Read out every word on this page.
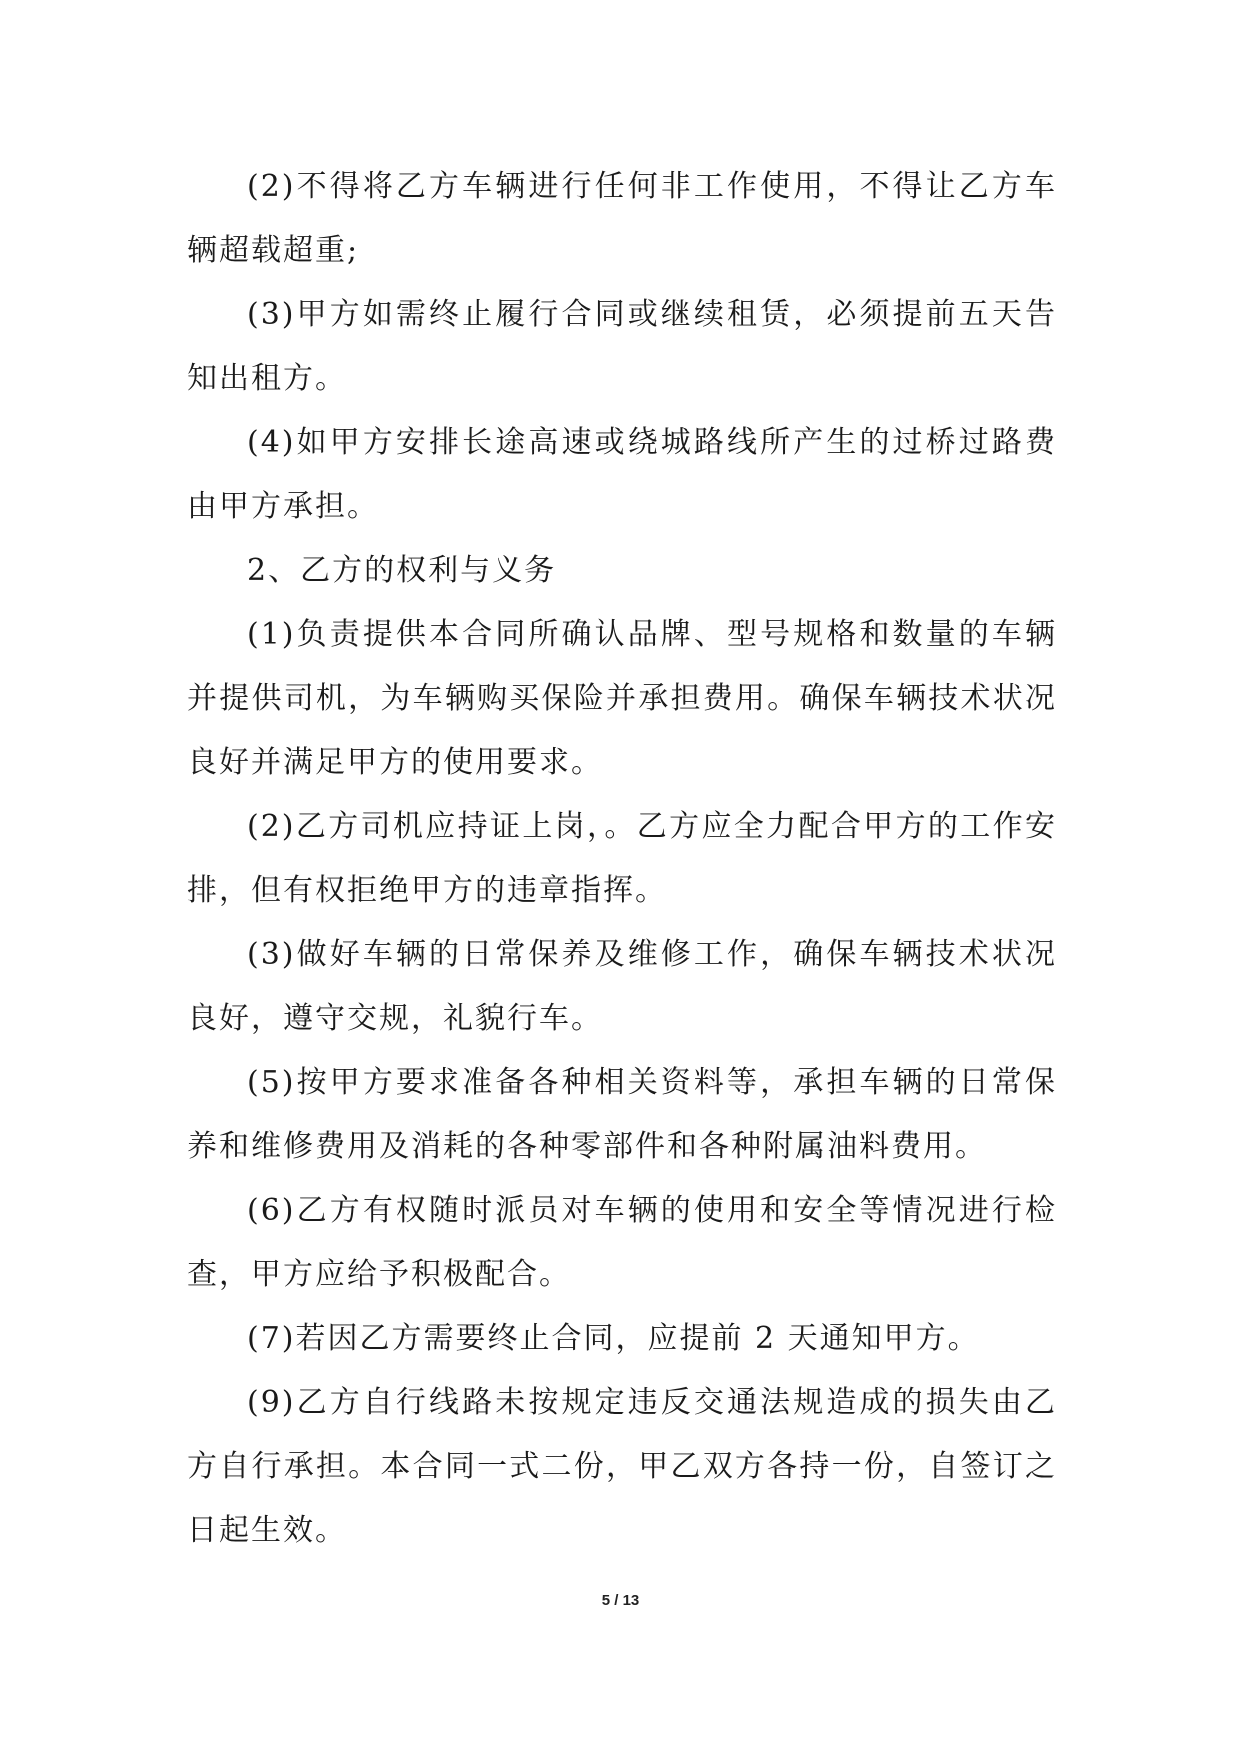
(2)不得将乙方车辆进行任何非工作使用，不得让乙方车辆超载超重;

(3)甲方如需终止履行合同或继续租赁，必须提前五天告知出租方。

(4)如甲方安排长途高速或绕城路线所产生的过桥过路费由甲方承担。

2、乙方的权利与义务

(1)负责提供本合同所确认品牌、型号规格和数量的车辆并提供司机，为车辆购买保险并承担费用。确保车辆技术状况良好并满足甲方的使用要求。

(2)乙方司机应持证上岗，。乙方应全力配合甲方的工作安排，但有权拒绝甲方的违章指挥。

(3)做好车辆的日常保养及维修工作，确保车辆技术状况良好，遵守交规，礼貌行车。

(5)按甲方要求准备各种相关资料等，承担车辆的日常保养和维修费用及消耗的各种零部件和各种附属油料费用。

(6)乙方有权随时派员对车辆的使用和安全等情况进行检查，甲方应给予积极配合。

(7)若因乙方需要终止合同，应提前 2 天通知甲方。

(9)乙方自行线路未按规定违反交通法规造成的损失由乙方自行承担。本合同一式二份，甲乙双方各持一份，自签订之日起生效。

5 / 13
